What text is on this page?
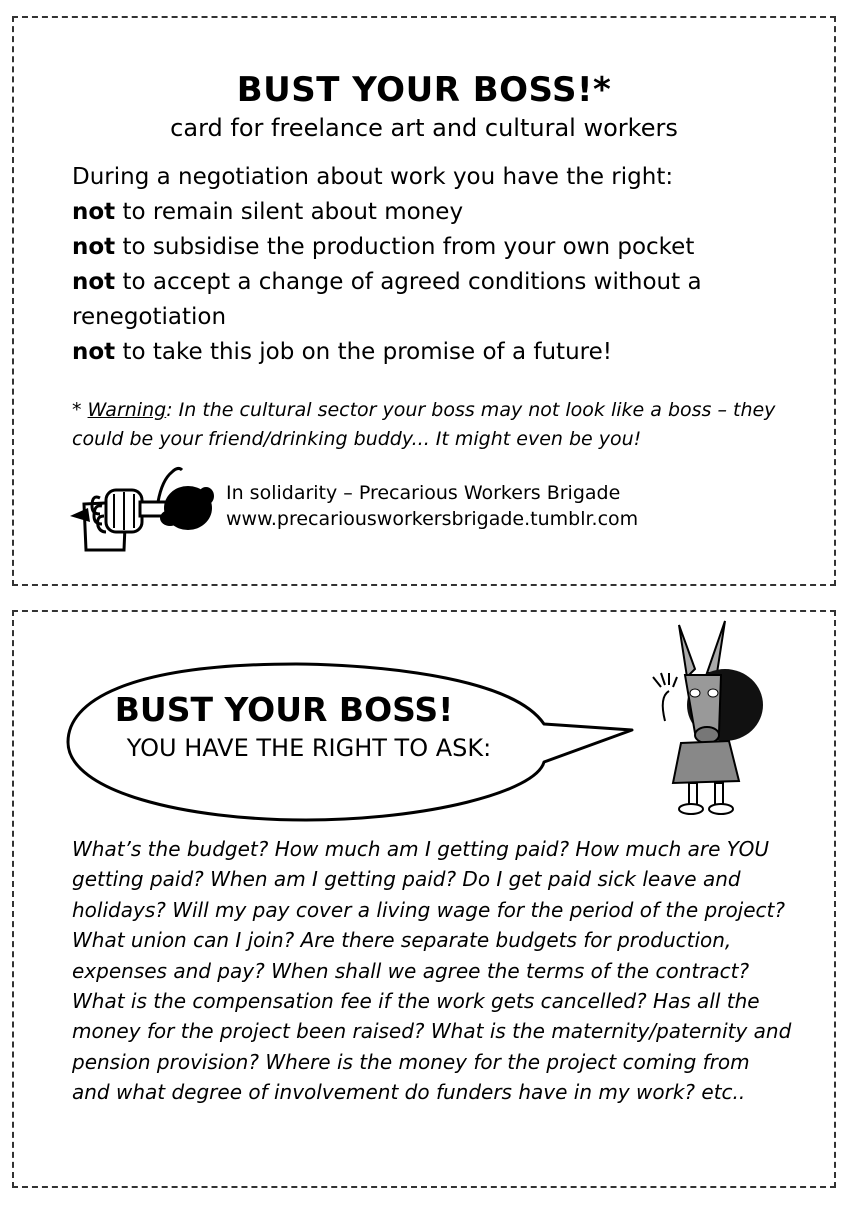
BUST YOUR BOSS!*
card for freelance art and cultural workers

During a negotiation about work you have the right:

not to remain silent about money

not to subsidise the production from your own pocket

not to accept a change of agreed conditions without a renegotiation

not to take this job on the promise of a future!

* Warning: In the cultural sector your boss may not look like a boss – they could be your friend/drinking buddy... It might even be you!
In solidarity – Precarious Workers Brigade
www.precariousworkersbrigade.tumblr.com
BUST YOUR BOSS!
YOU HAVE THE RIGHT TO ASK:
What’s the budget? How much am I getting paid? How much are YOU getting paid? When am I getting paid? Do I get paid sick leave and holidays? Will my pay cover a living wage for the period of the project? What union can I join? Are there separate budgets for production, expenses and pay? When shall we agree the terms of the contract? What is the compensation fee if the work gets cancelled? Has all the money for the project been raised? What is the maternity/paternity and pension provision? Where is the money for the project coming from and what degree of involvement do funders have in my work? etc..
